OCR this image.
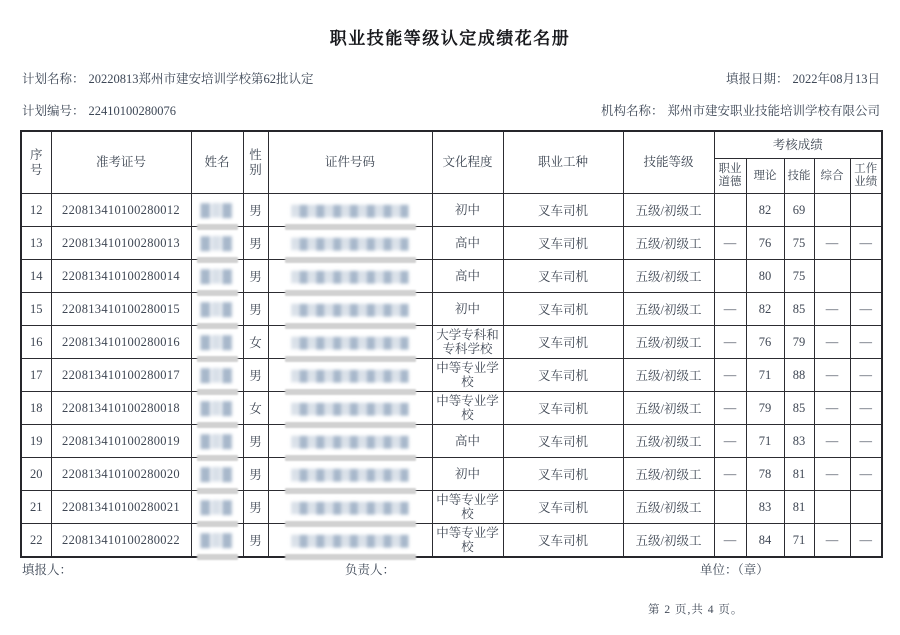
职业技能等级认定成绩花名册
计划名称： 20220813郑州市建安培训学校第62批认定	填报日期： 2022年08月13日
计划编号： 22410100280076	机构名称： 郑州市建安职业技能培训学校有限公司
序号	准考证号	姓名	性别	证件号码	文化程度	职业工种	技能等级	考核成绩				
								职业道德	理论	技能	综合	工作业绩
12	220813410100280012	▓▒▓	男	▒▓▒▓▒▓▒▓▒▓▒▓▒▓	初中	叉车司机	五级/初级工		82	69		
13	220813410100280013	▓▒▓	男	▒▓▒▓▒▓▒▓▒▓▒▓▒▓	高中	叉车司机	五级/初级工	—	76	75	—	—
14	220813410100280014	▓▒▓	男	▒▓▒▓▒▓▒▓▒▓▒▓▒▓	高中	叉车司机	五级/初级工		80	75		
15	220813410100280015	▓▒▓	男	▒▓▒▓▒▓▒▓▒▓▒▓▒▓	初中	叉车司机	五级/初级工	—	82	85	—	—
16	220813410100280016	▓▒▓	女	▒▓▒▓▒▓▒▓▒▓▒▓▒▓	大学专科和专科学校	叉车司机	五级/初级工	—	76	79	—	—
17	220813410100280017	▓▒▓	男	▒▓▒▓▒▓▒▓▒▓▒▓▒▓	中等专业学校	叉车司机	五级/初级工	—	71	88	—	—
18	220813410100280018	▓▒▓	女	▒▓▒▓▒▓▒▓▒▓▒▓▒▓	中等专业学校	叉车司机	五级/初级工	—	79	85	—	—
19	220813410100280019	▓▒▓	男	▒▓▒▓▒▓▒▓▒▓▒▓▒▓	高中	叉车司机	五级/初级工	—	71	83	—	—
20	220813410100280020	▓▒▓	男	▒▓▒▓▒▓▒▓▒▓▒▓▒▓	初中	叉车司机	五级/初级工	—	78	81	—	—
21	220813410100280021	▓▒▓	男	▒▓▒▓▒▓▒▓▒▓▒▓▒▓	中等专业学校	叉车司机	五级/初级工		83	81		
22	220813410100280022	▓▒▓	男	▒▓▒▓▒▓▒▓▒▓▒▓▒▓	中等专业学校	叉车司机	五级/初级工	—	84	71	—	—
填报人：	负责人：	单位：（章）
第 2 页,共 4 页。
